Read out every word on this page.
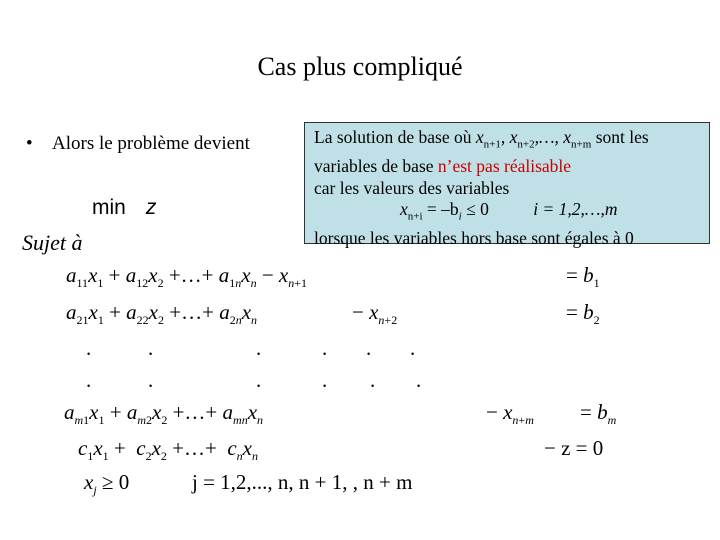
Cas plus compliqué
• Alors le problème devient
min z
Sujet à
La solution de base où $x_{n+1}$, $x_{n+2},\dots$, $x_{n+m}$ sont les
variables de base n’est pas réalisable
car les valeurs des variables
$x_{n+i} = -b_i \le 0$	i = 1,2,…,m
lorsque les variables hors base sont égales à 0
$a_{11}x_1 + a_{12}x_2$ +…+ $a_{1n}x_n - x_{n+1}$	= $b_1$
$a_{21}x_1 + a_{22}x_2$ +…+ $a_{2n}x_n$	− $x_{n+2}$	= $b_2$
.	.	.	. . .
.	.	.	. . .
$a_{m1}x_1 + a_{m2}x_2$ +…+ $a_{mn}x_n$	− $x_{n+m} = b_m$
$c_1x_1 + c_2x_2$ +…+  $c_nx_n$	− z = 0
$x_j \ge 0$	j = 1,2,..., n, n + 1, , n + m
